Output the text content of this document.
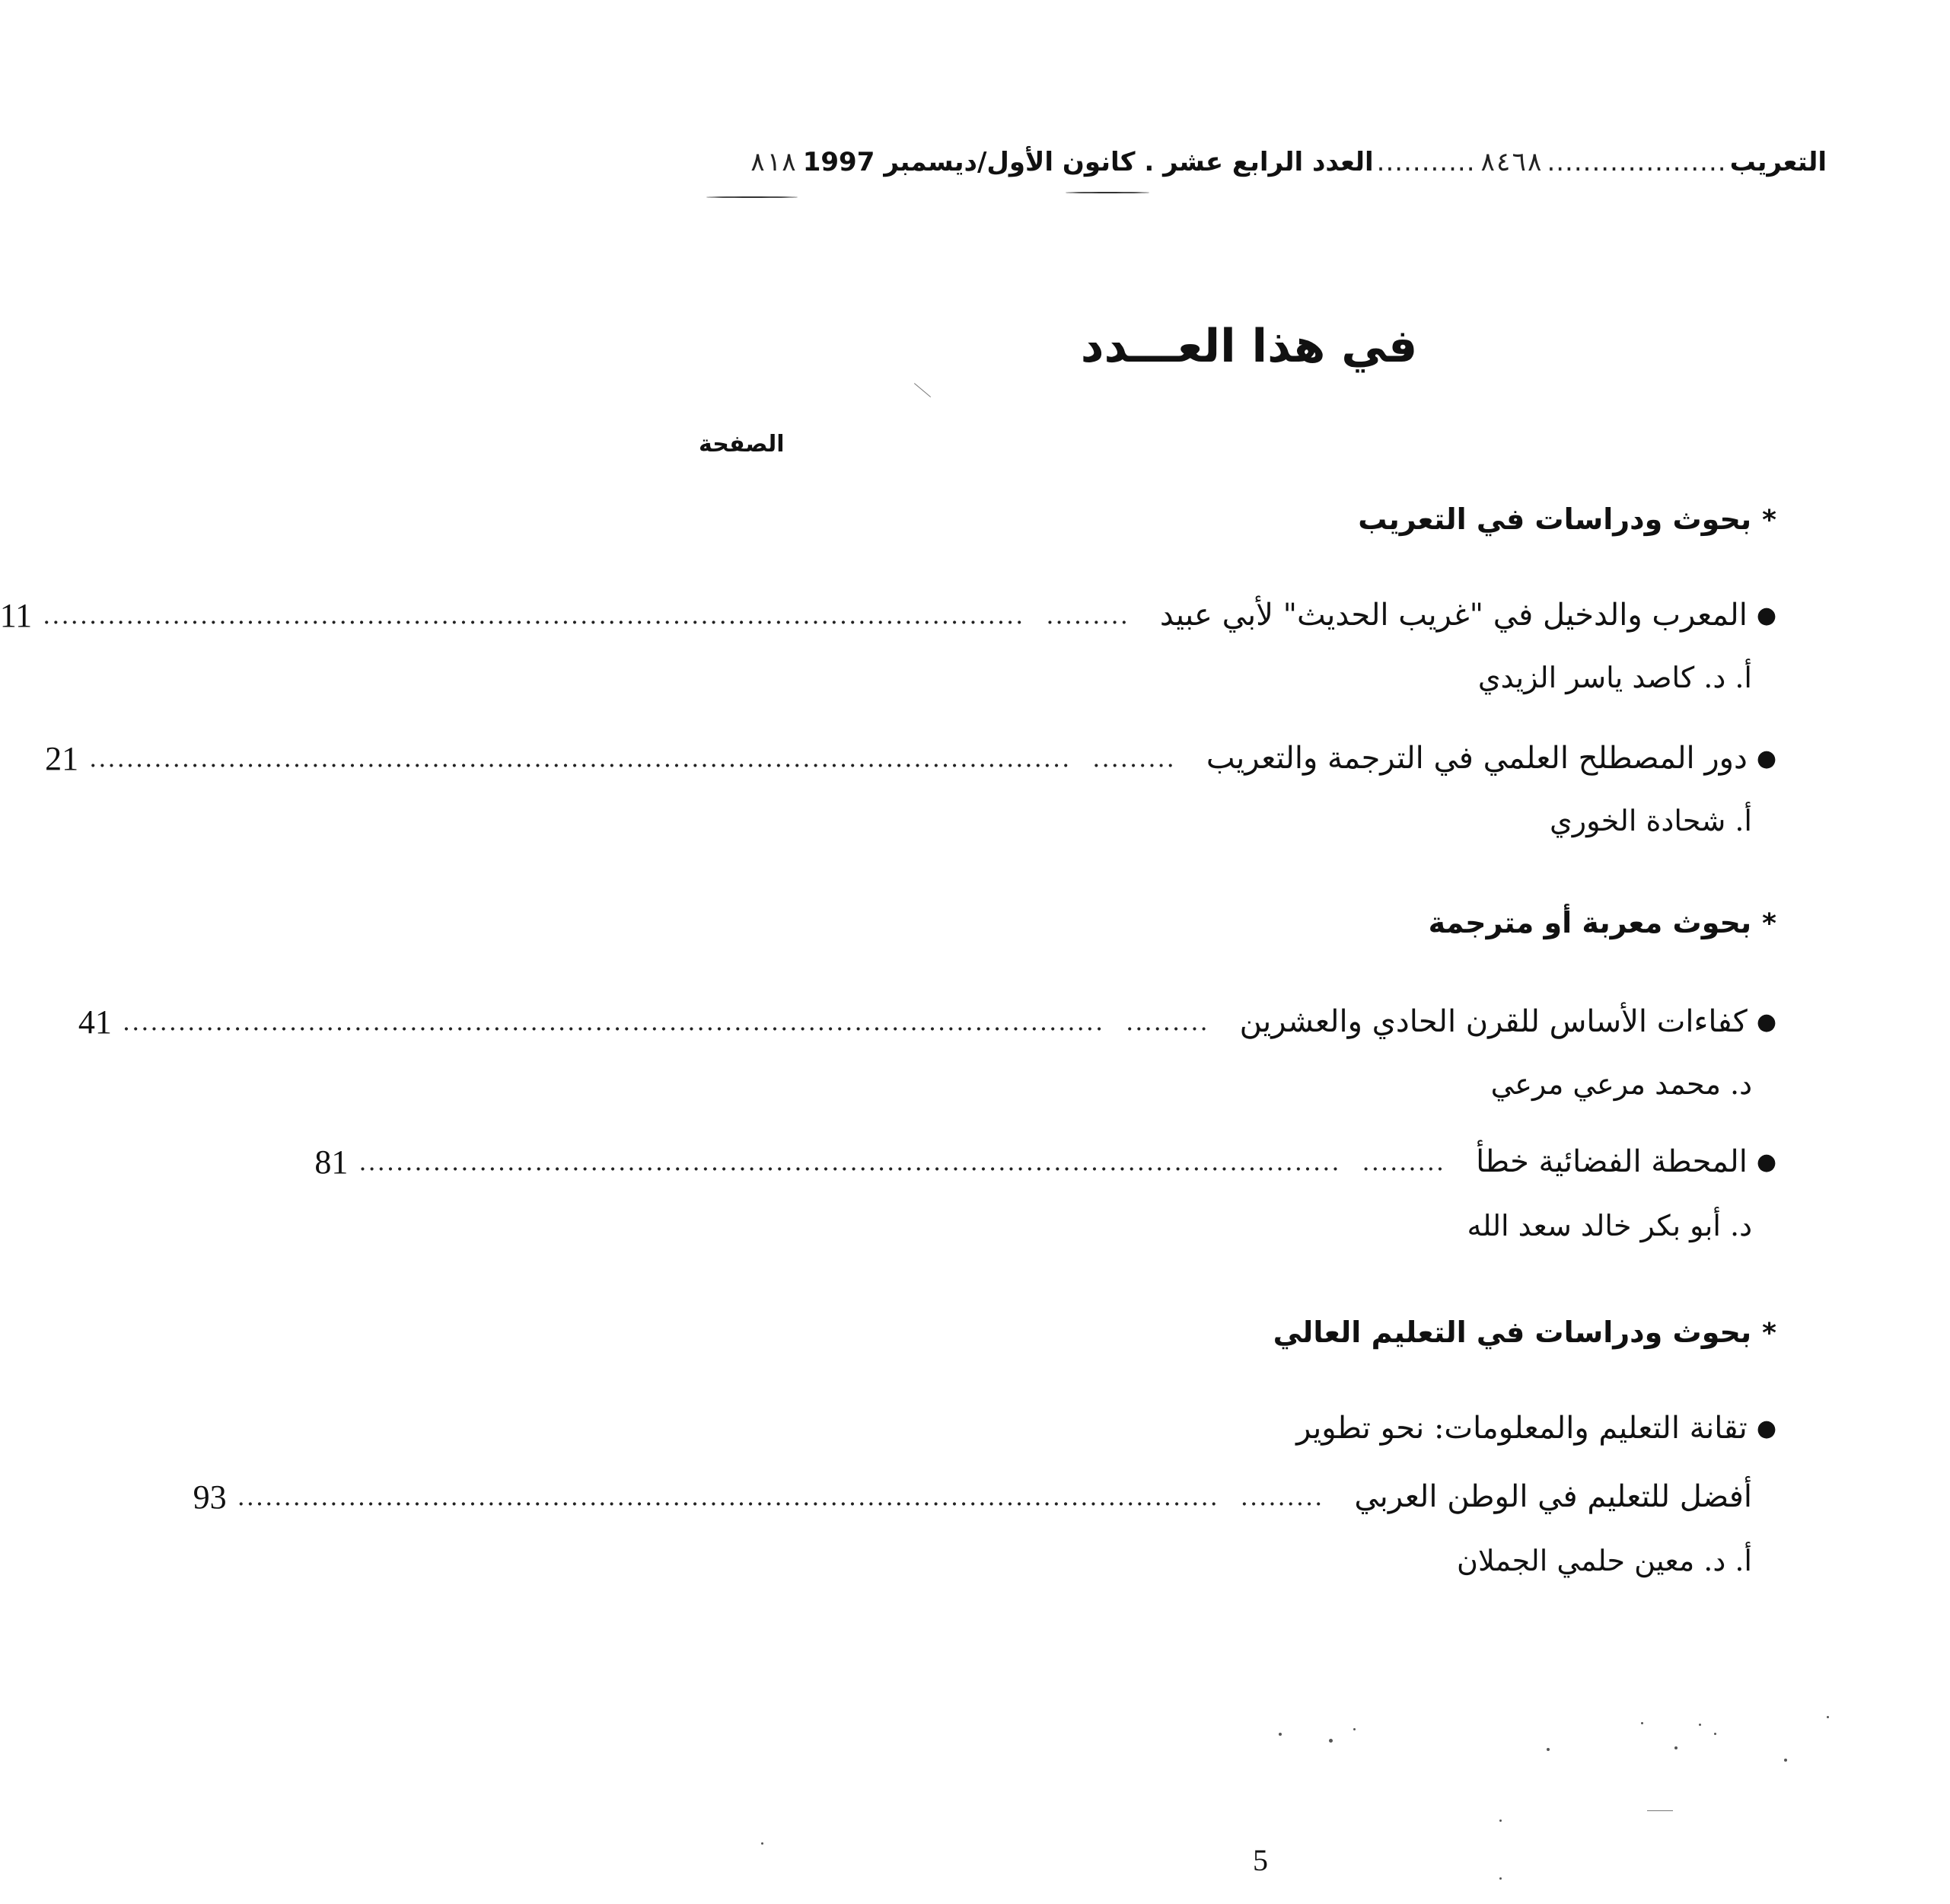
التعريب
....................
٨٤٦٨
...........
العدد الرابع عشر . كانون الأول/ديسمبر
1997
٨١٨
في هذا العـــدد
الصفحة
*بحوث ودراسات في التعريب
●
المعرب والدخيل في "غريب الحديث" لأبي عبيد
.........
..........................................................................................................
11
أ. د. كاصد ياسر الزيدي
●
دور المصطلح العلمي في الترجمة والتعريب
.........
..........................................................................................................
21
أ. شحادة الخوري
*بحوث معربة أو مترجمة
●
كفاءات الأساس للقرن الحادي والعشرين
.........
..........................................................................................................
41
د. محمد مرعي مرعي
●
المحطة الفضائية خطأ
.........
..........................................................................................................
81
د. أبو بكر خالد سعد الله
*بحوث ودراسات في التعليم العالي
●
تقانة التعليم والمعلومات: نحو تطوير
أفضل للتعليم في الوطن العربي
.........
..........................................................................................................
93
أ. د. معين حلمي الجملان
5
